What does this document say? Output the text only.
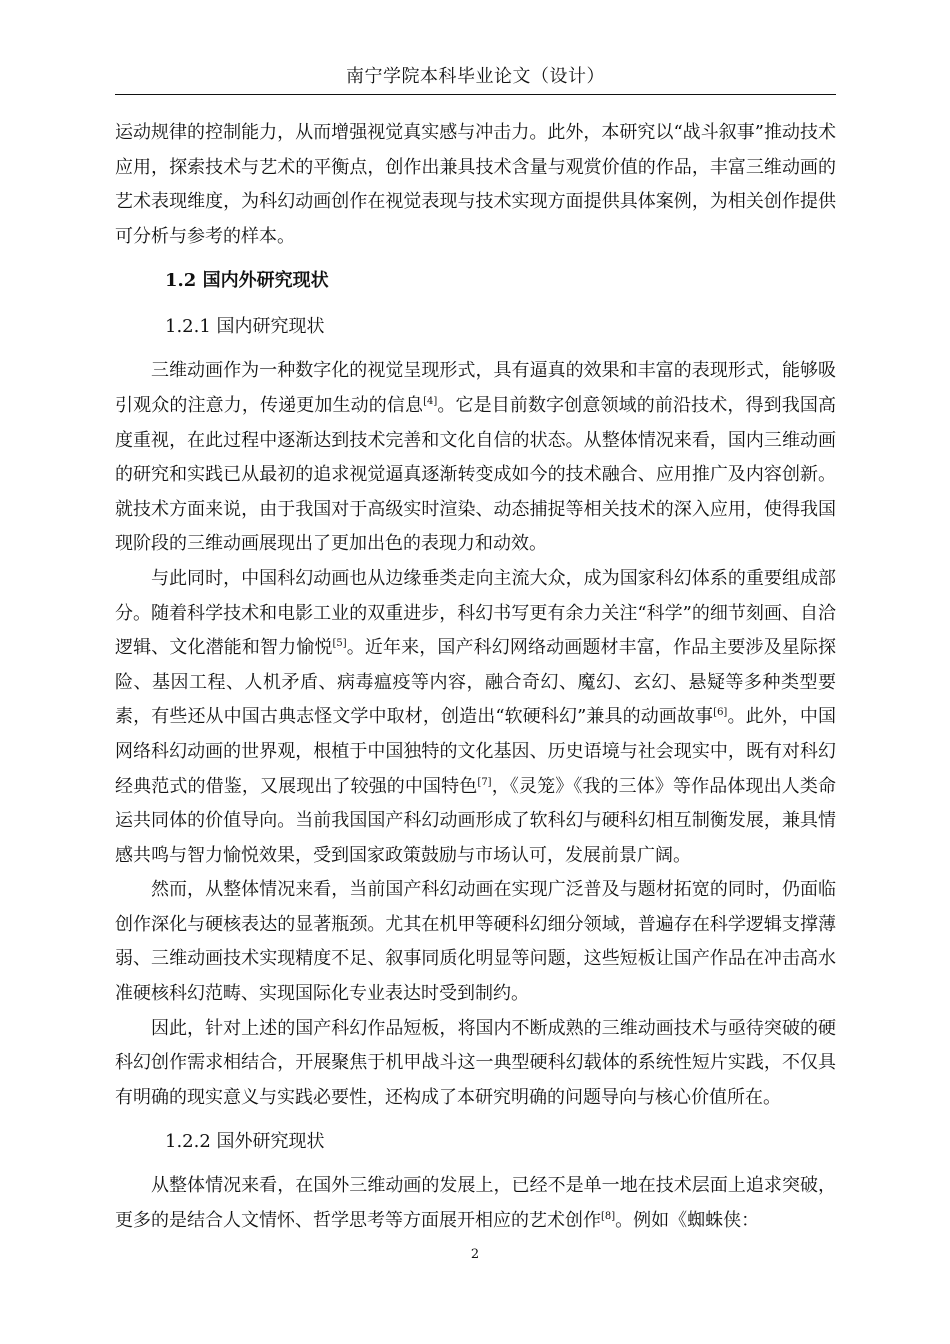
南宁学院本科毕业论文（设计）

运动规律的控制能力，从而增强视觉真实感与冲击力。此外，本研究以“战斗叙事”推动技术应用，探索技术与艺术的平衡点，创作出兼具技术含量与观赏价值的作品，丰富三维动画的艺术表现维度，为科幻动画创作在视觉表现与技术实现方面提供具体案例，为相关创作提供可分析与参考的样本。

1.2 国内外研究现状
1.2.1 国内研究现状

三维动画作为一种数字化的视觉呈现形式，具有逼真的效果和丰富的表现形式，能够吸引观众的注意力，传递更加生动的信息[4]。它是目前数字创意领域的前沿技术，得到我国高度重视，在此过程中逐渐达到技术完善和文化自信的状态。从整体情况来看，国内三维动画的研究和实践已从最初的追求视觉逼真逐渐转变成如今的技术融合、应用推广及内容创新。就技术方面来说，由于我国对于高级实时渲染、动态捕捉等相关技术的深入应用，使得我国现阶段的三维动画展现出了更加出色的表现力和动效。

与此同时，中国科幻动画也从边缘垂类走向主流大众，成为国家科幻体系的重要组成部分。随着科学技术和电影工业的双重进步，科幻书写更有余力关注“科学”的细节刻画、自洽逻辑、文化潜能和智力愉悦[5]。近年来，国产科幻网络动画题材丰富，作品主要涉及星际探险、基因工程、人机矛盾、病毒瘟疫等内容，融合奇幻、魔幻、玄幻、悬疑等多种类型要素，有些还从中国古典志怪文学中取材，创造出“软硬科幻”兼具的动画故事[6]。此外，中国网络科幻动画的世界观，根植于中国独特的文化基因、历史语境与社会现实中，既有对科幻经典范式的借鉴，又展现出了较强的中国特色[7]，《灵笼》《我的三体》等作品体现出人类命运共同体的价值导向。当前我国国产科幻动画形成了软科幻与硬科幻相互制衡发展，兼具情感共鸣与智力愉悦效果，受到国家政策鼓励与市场认可，发展前景广阔。

然而，从整体情况来看，当前国产科幻动画在实现广泛普及与题材拓宽的同时，仍面临创作深化与硬核表达的显著瓶颈。尤其在机甲等硬科幻细分领域，普遍存在科学逻辑支撑薄弱、三维动画技术实现精度不足、叙事同质化明显等问题，这些短板让国产作品在冲击高水准硬核科幻范畴、实现国际化专业表达时受到制约。

因此，针对上述的国产科幻作品短板，将国内不断成熟的三维动画技术与亟待突破的硬科幻创作需求相结合，开展聚焦于机甲战斗这一典型硬科幻载体的系统性短片实践，不仅具有明确的现实意义与实践必要性，还构成了本研究明确的问题导向与核心价值所在。

1.2.2 国外研究现状

从整体情况来看，在国外三维动画的发展上，已经不是单一地在技术层面上追求突破，更多的是结合人文情怀、哲学思考等方面展开相应的艺术创作[8]。例如《蜘蛛侠：

2
